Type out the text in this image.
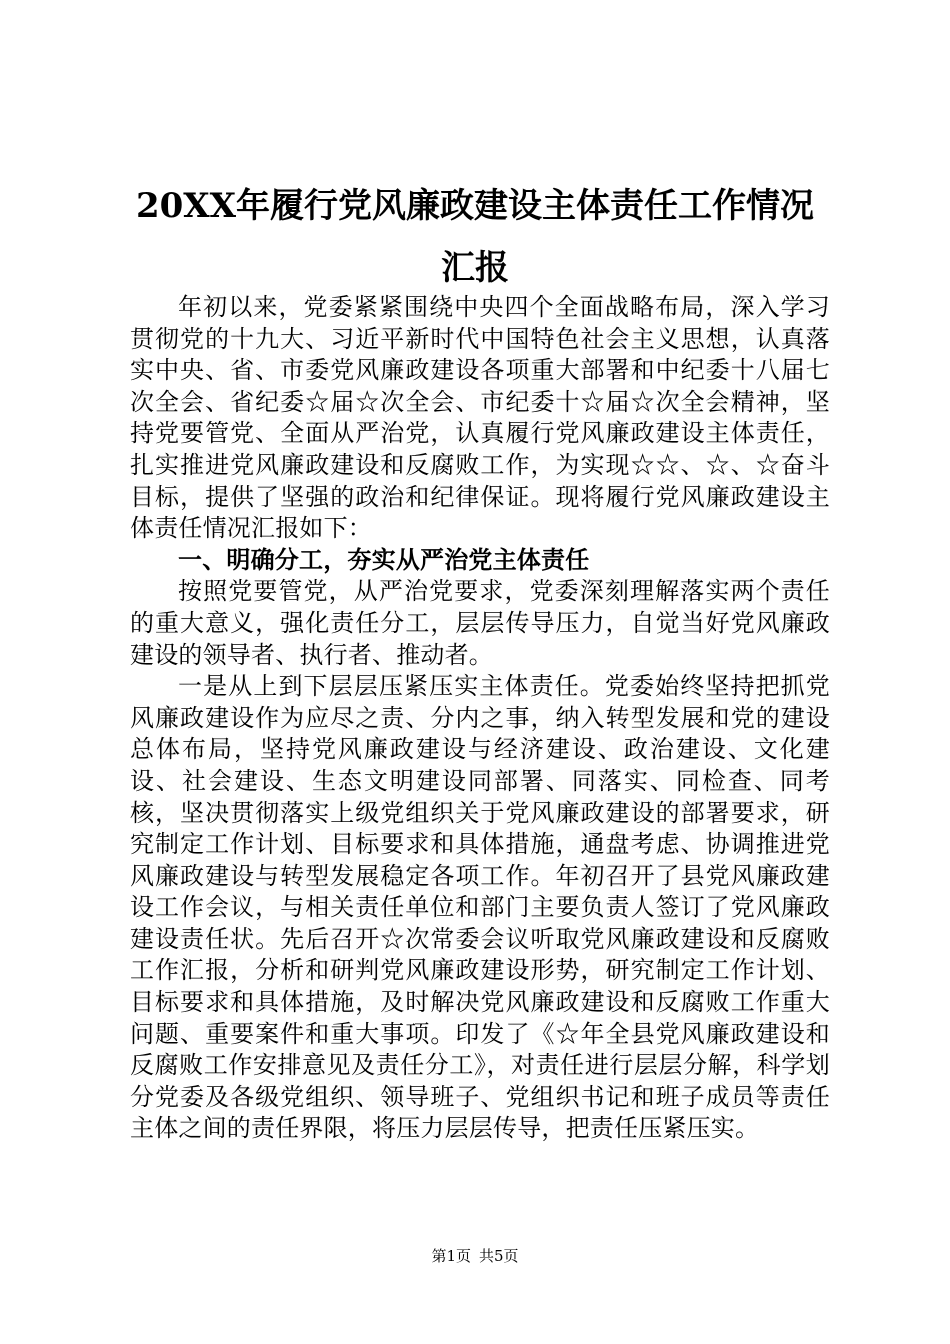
20XX年履行党风廉政建设主体责任工作情况
汇报

年初以来，党委紧紧围绕中央四个全面战略布局，深入学习贯彻党的十九大、习近平新时代中国特色社会主义思想，认真落实中央、省、市委党风廉政建设各项重大部署和中纪委十八届七次全会、省纪委☆届☆次全会、市纪委十☆届☆次全会精神，坚持党要管党、全面从严治党，认真履行党风廉政建设主体责任，扎实推进党风廉政建设和反腐败工作，为实现☆☆、☆、☆奋斗目标，提供了坚强的政治和纪律保证。现将履行党风廉政建设主体责任情况汇报如下：

一、明确分工，夯实从严治党主体责任

按照党要管党，从严治党要求，党委深刻理解落实两个责任的重大意义，强化责任分工，层层传导压力，自觉当好党风廉政建设的领导者、执行者、推动者。

一是从上到下层层压紧压实主体责任。党委始终坚持把抓党风廉政建设作为应尽之责、分内之事，纳入转型发展和党的建设总体布局，坚持党风廉政建设与经济建设、政治建设、文化建设、社会建设、生态文明建设同部署、同落实、同检查、同考核，坚决贯彻落实上级党组织关于党风廉政建设的部署要求，研究制定工作计划、目标要求和具体措施，通盘考虑、协调推进党风廉政建设与转型发展稳定各项工作。年初召开了县党风廉政建设工作会议，与相关责任单位和部门主要负责人签订了党风廉政建设责任状。先后召开☆次常委会议听取党风廉政建设和反腐败工作汇报，分析和研判党风廉政建设形势，研究制定工作计划、目标要求和具体措施，及时解决党风廉政建设和反腐败工作重大问题、重要案件和重大事项。印发了《☆年全县党风廉政建设和反腐败工作安排意见及责任分工》，对责任进行层层分解，科学划分党委及各级党组织、领导班子、党组织书记和班子成员等责任主体之间的责任界限，将压力层层传导，把责任压紧压实。

第1页 共5页
